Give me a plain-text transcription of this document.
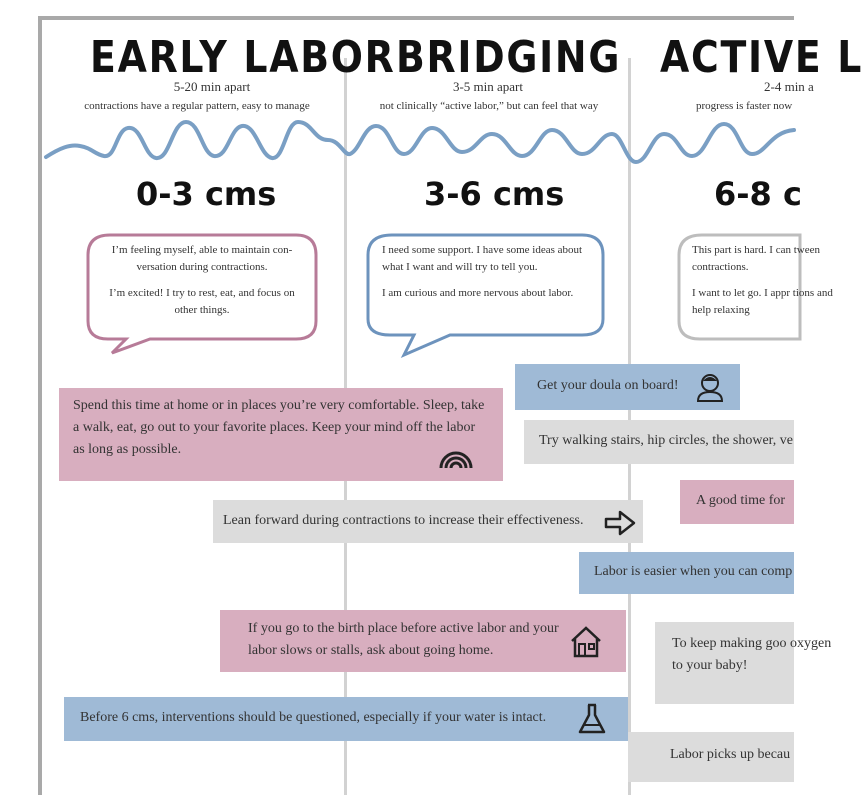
EARLY LABOR BRIDGING ACTIVE L
5-20 min apart	3-5 min apart	2-4 min a
contractions have a regular pattern, easy to manage	not clinically “active labor,” but can feel that way	progress is faster now
0-3 cms	3-6 cms	6-8 c

I’m feeling myself, able to maintain con-versation during contractions.

I’m excited! I try to rest, eat, and focus on other things.

I need some support. I have some ideas about what I want and will try to tell you.

I am curious and more nervous about labor.

This part is hard. I can tween contractions.

I want to let go. I appr tions and help relaxing

Get your doula on board!
Spend this time at home or in places you’re very comfortable. Sleep, take a walk, eat, go out to your favorite places. Keep your mind off the labor as long as possible.
Try walking stairs, hip circles, the shower, ve
A good time for
Lean forward during contractions to increase their effectiveness.
Labor is easier when you can comp
If you go to the birth place before active labor and your labor slows or stalls, ask about going home.	To keep making goo oxygen to your baby!
Before 6 cms, interventions should be questioned, especially if your water is intact.
Labor picks up becau
